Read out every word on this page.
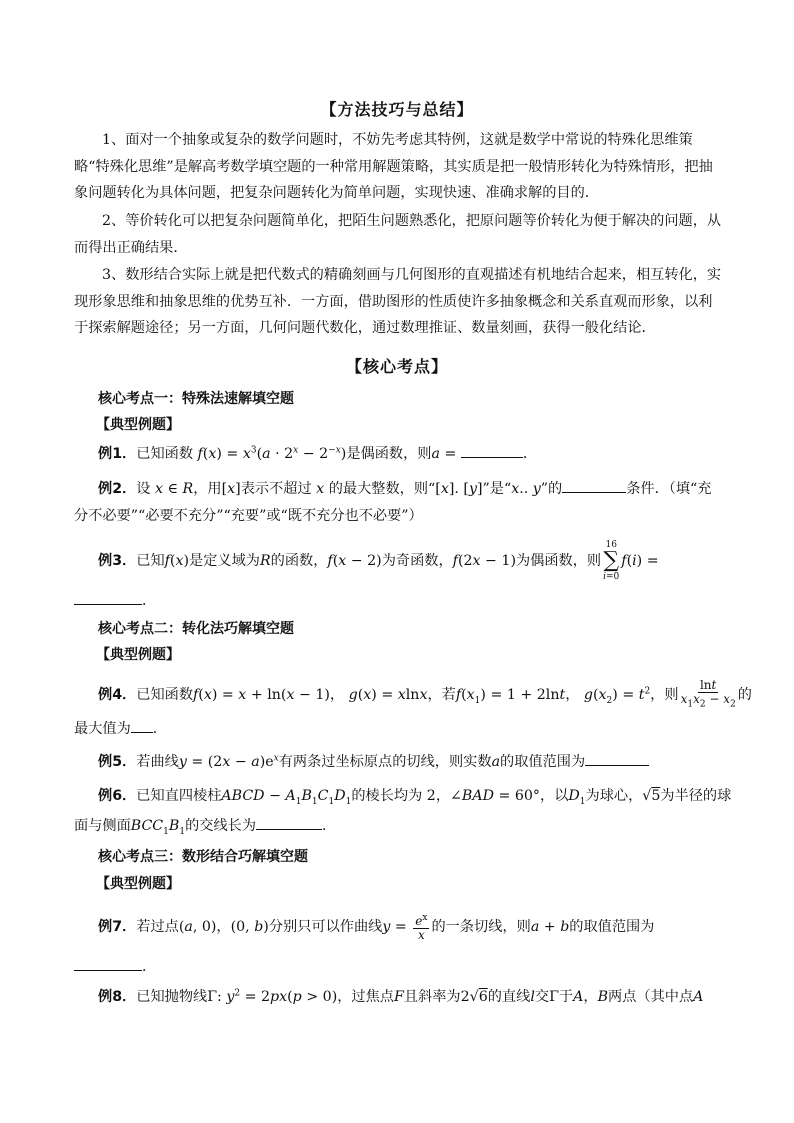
【方法技巧与总结】
1、面对一个抽象或复杂的数学问题时，不妨先考虑其特例，这就是数学中常说的特殊化思维策略“特殊化思维”是解高考数学填空题的一种常用解题策略，其实质是把一般情形转化为特殊情形，把抽象问题转化为具体问题，把复杂问题转化为简单问题，实现快速、准确求解的目的．
2、等价转化可以把复杂问题简单化，把陌生问题熟悉化，把原问题等价转化为便于解决的问题，从而得出正确结果．
3、数形结合实际上就是把代数式的精确刻画与几何图形的直观描述有机地结合起来，相互转化，实现形象思维和抽象思维的优势互补．一方面，借助图形的性质使许多抽象概念和关系直观而形象，以利于探索解题途径；另一方面，几何问题代数化，通过数理推证、数量刻画，获得一般化结论．
【核心考点】
核心考点一：特殊法速解填空题
【典型例题】
例1．已知函数 $f(x) = x^3(a \cdot 2^x - 2^{-x})$是偶函数，则a =	．
例2．设 x ∈ R，用[x]表示不超过 x 的最大整数，则“[x]. [y]”是“x.. y”的	条件．（填“充
分不必要”“必要不充分”“充要”或“既不充分也不必要”）
例3．已知f(x)是定义域为R的函数，f(x − 2)为奇函数，f(2x − 1)为偶函数，则
16
∑
i=0
f(i) =
．
核心考点二：转化法巧解填空题
【典型例题】
例4．已知函数f(x) = x + ln(x − 1)， g(x) = xlnx，若$f(x_1) = 1 + 2\ln t$， $g(x_2) = t^2$，则 $\frac{\ln t}{x_1x_2 - x_2}$ 的
最大值为 ．
例5．若曲线$y = (2x - a)e^x$有两条过坐标原点的切线，则实数a的取值范围为
例6．已知直四棱柱ABCD − $A_1B_1C_1D_1$的棱长均为 2，∠BAD = 60°，以$D_1$为球心，√5为半径的球
面与侧面$BCC_1B_1$的交线长为	．
核心考点三：数形结合巧解填空题
【典型例题】
例7．若过点(a, 0)，(0, b)分别只可以作曲线$y = \frac{e^x}{x}$ 的一条切线，则a + b的取值范围为
．
例8．已知抛物线Γ: $y^2 = 2px(p > 0)$，过焦点F且斜率为2√6的直线l交Γ于A，B两点（其中点A
